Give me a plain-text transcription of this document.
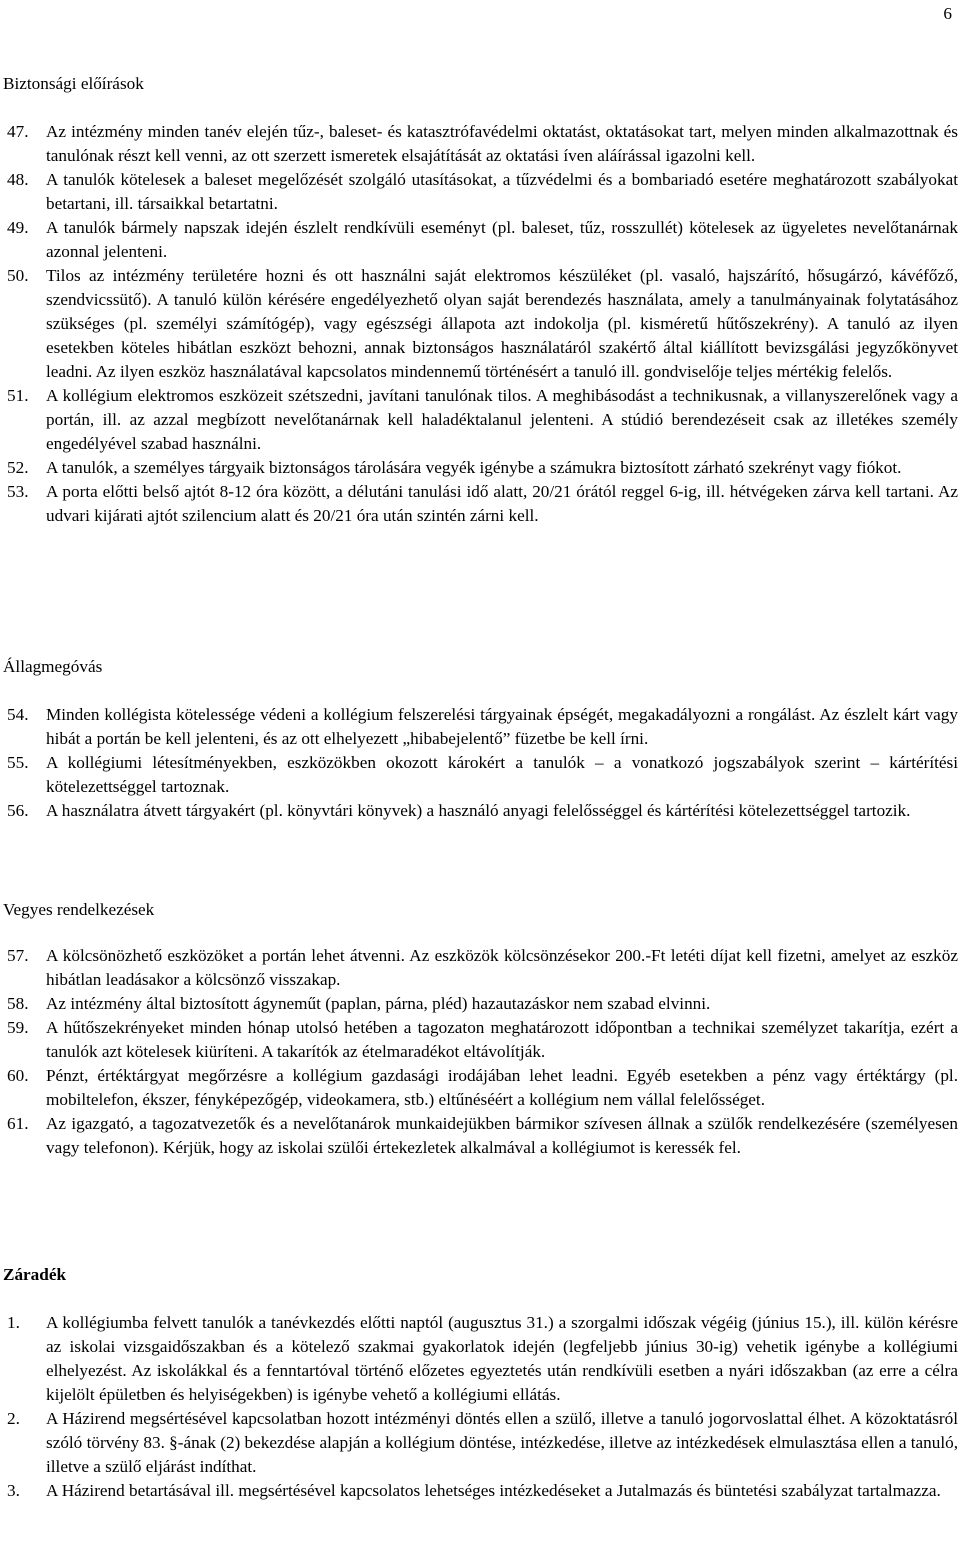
6
Biztonsági előírások
47. Az intézmény minden tanév elején tűz-, baleset- és katasztrófavédelmi oktatást, oktatásokat tart, melyen minden alkalmazottnak és tanulónak részt kell venni, az ott szerzett ismeretek elsajátítását az oktatási íven aláírással igazolni kell.
48. A tanulók kötelesek a baleset megelőzését szolgáló utasításokat, a tűzvédelmi és a bombariadó esetére meghatározott szabályokat betartani, ill. társaikkal betartatni.
49. A tanulók bármely napszak idején észlelt rendkívüli eseményt (pl. baleset, tűz, rosszullét) kötelesek az ügyeletes nevelőtanárnak azonnal jelenteni.
50. Tilos az intézmény területére hozni és ott használni saját elektromos készüléket (pl. vasaló, hajszárító, hősugárzó, kávéfőző, szendvicssütő). A tanuló külön kérésére engedélyezhető olyan saját berendezés használata, amely a tanulmányainak folytatásához szükséges (pl. személyi számítógép), vagy egészségi állapota azt indokolja (pl. kisméretű hűtőszekrény). A tanuló az ilyen esetekben köteles hibátlan eszközt behozni, annak biztonságos használatáról szakértő által kiállított bevizsgálási jegyzőkönyvet leadni. Az ilyen eszköz használatával kapcsolatos mindennemű történésért a tanuló ill. gondviselője teljes mértékig felelős.
51. A kollégium elektromos eszközeit szétszedni, javítani tanulónak tilos. A meghibásodást a technikusnak, a villanyszerelőnek vagy a portán, ill. az azzal megbízott nevelőtanárnak kell haladéktalanul jelenteni. A stúdió berendezéseit csak az illetékes személy engedélyével szabad használni.
52. A tanulók, a személyes tárgyaik biztonságos tárolására vegyék igénybe a számukra biztosított zárható szekrényt vagy fiókot.
53. A porta előtti belső ajtót 8-12 óra között, a délutáni tanulási idő alatt, 20/21 órától reggel 6-ig, ill. hétvégeken zárva kell tartani. Az udvari kijárati ajtót szilencium alatt és 20/21 óra után szintén zárni kell.
Állagmegóvás
54. Minden kollégista kötelessége védeni a kollégium felszerelési tárgyainak épségét, megakadályozni a rongálást. Az észlelt kárt vagy hibát a portán be kell jelenteni, és az ott elhelyezett „hibabejelentő” füzetbe be kell írni.
55. A kollégiumi létesítményekben, eszközökben okozott károkért a tanulók – a vonatkozó jogszabályok szerint – kártérítési kötelezettséggel tartoznak.
56. A használatra átvett tárgyakért (pl. könyvtári könyvek) a használó anyagi felelősséggel és kártérítési kötelezettséggel tartozik.
Vegyes rendelkezések
57. A kölcsönözhető eszközöket a portán lehet átvenni. Az eszközök kölcsönzésekor 200.-Ft letéti díjat kell fizetni, amelyet az eszköz hibátlan leadásakor a kölcsönző visszakap.
58. Az intézmény által biztosított ágyneműt (paplan, párna, pléd) hazautazáskor nem szabad elvinni.
59. A hűtőszekrényeket minden hónap utolsó hetében a tagozaton meghatározott időpontban a technikai személyzet takarítja, ezért a tanulók azt kötelesek kiüríteni. A takarítók az ételmaradékot eltávolítják.
60. Pénzt, értéktárgyat megőrzésre a kollégium gazdasági irodájában lehet leadni. Egyéb esetekben a pénz vagy értéktárgy (pl. mobiltelefon, ékszer, fényképezőgép, videokamera, stb.) eltűnéséért a kollégium nem vállal felelősséget.
61. Az igazgató, a tagozatvezetők és a nevelőtanárok munkaidejükben bármikor szívesen állnak a szülők rendelkezésére (személyesen vagy telefonon). Kérjük, hogy az iskolai szülői értekezletek alkalmával a kollégiumot is keressék fel.
Záradék
1. A kollégiumba felvett tanulók a tanévkezdés előtti naptól (augusztus 31.) a szorgalmi időszak végéig (június 15.), ill. külön kérésre az iskolai vizsgaidőszakban és a kötelező szakmai gyakorlatok idején (legfeljebb június 30-ig) vehetik igénybe a kollégiumi elhelyezést. Az iskolákkal és a fenntartóval történő előzetes egyeztetés után rendkívüli esetben a nyári időszakban (az erre a célra kijelölt épületben és helyiségekben) is igénybe vehető a kollégiumi ellátás.
2. A Házirend megsértésével kapcsolatban hozott intézményi döntés ellen a szülő, illetve a tanuló jogorvoslattal élhet. A közoktatásról szóló törvény 83. §-ának (2) bekezdése alapján a kollégium döntése, intézkedése, illetve az intézkedések elmulasztása ellen a tanuló, illetve a szülő eljárást indíthat.
3. A Házirend betartásával ill. megsértésével kapcsolatos lehetséges intézkedéseket a Jutalmazás és büntetési szabályzat tartalmazza.
